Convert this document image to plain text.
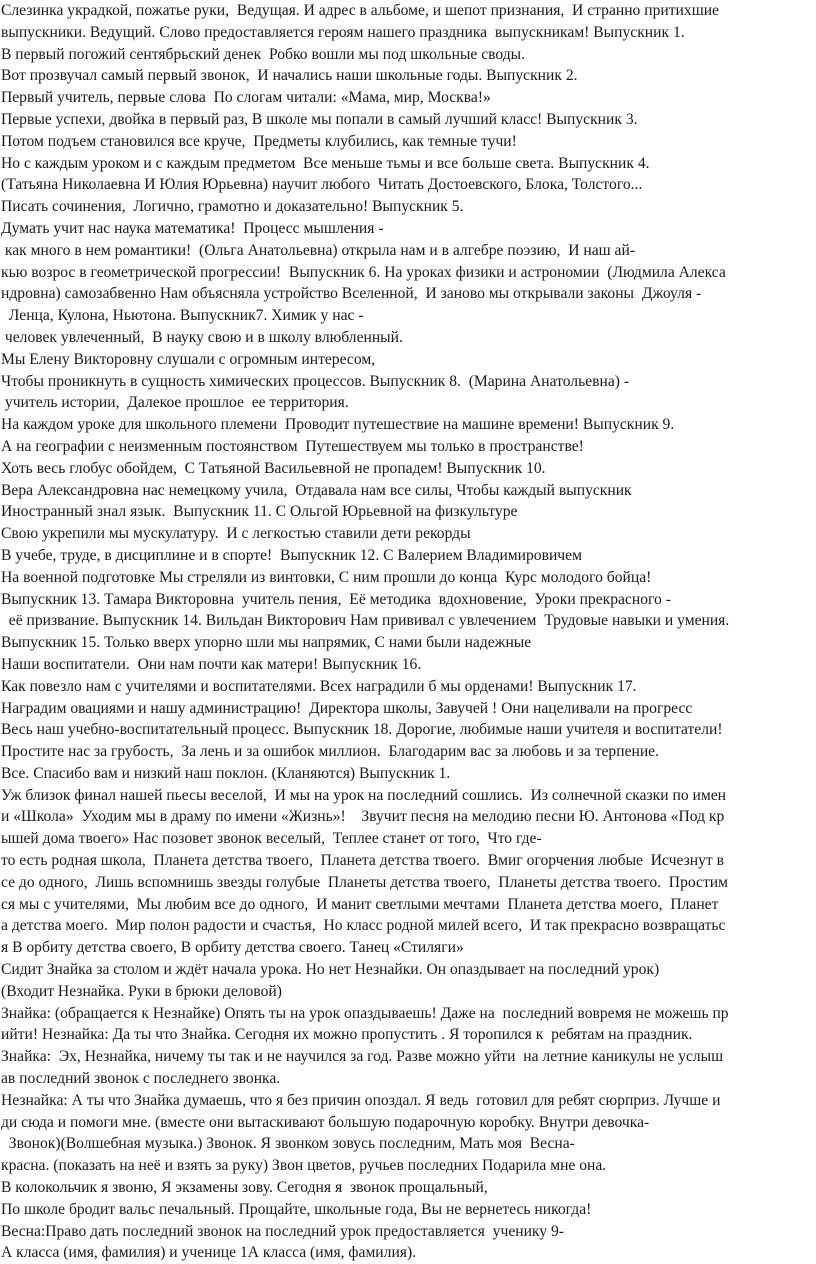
Слезинка украдкой, пожатье руки,  Ведущая. И адрес в альбоме, и шепот признания,  И странно притихшие
выпускники. Ведущий. Слово предоставляется героям нашего праздника  выпускникам! Выпускник 1.
В первый погожий сентябрьский денек  Робко вошли мы под школьные своды.
Вот прозвучал самый первый звонок,  И начались наши школьные годы. Выпускник 2.
Первый учитель, первые слова  По слогам читали: «Мама, мир, Москва!»
Первые успехи, двойка в первый раз, В школе мы попали в самый лучший класс! Выпускник 3.
Потом подъем становился все круче,  Предметы клубились, как темные тучи!
Но с каждым уроком и с каждым предметом  Все меньше тьмы и все больше света. Выпускник 4.
(Татьяна Николаевна И Юлия Юрьевна) научит любого  Читать Достоевского, Блока, Толстого...
Писать сочинения,  Логично, грамотно и доказательно! Выпускник 5.
Думать учит нас наука математика!  Процесс мышления -
как много в нем романтики!  (Ольга Анатольевна) открыла нам и в алгебре поэзию,  И наш ай-
кью возрос в геометрической прогрессии!  Выпускник 6. На уроках физики и астрономии  (Людмила Алекса
ндровна) самозабвенно Нам объясняла устройство Вселенной,  И заново мы открывали законы  Джоуля -
Ленца, Кулона, Ньютона. Выпускник7. Химик у нас -
человек увлеченный,  В науку свою и в школу влюбленный.
Мы Елену Викторовну слушали с огромным интересом,
Чтобы проникнуть в сущность химических процессов. Выпускник 8.  (Марина Анатольевна) -
учитель истории,  Далекое прошлое  ее территория.
На каждом уроке для школьного племени  Проводит путешествие на машине времени! Выпускник 9.
А на географии с неизменным постоянством  Путешествуем мы только в пространстве!
Хоть весь глобус обойдем,  С Татьяной Васильевной не пропадем! Выпускник 10.
Вера Александровна нас немецкому учила,  Отдавала нам все силы, Чтобы каждый выпускник
Иностранный знал язык.  Выпускник 11. С Ольгой Юрьевной на физкультуре
Свою укрепили мы мускулатуру.  И с легкостью ставили дети рекорды
В учебе, труде, в дисциплине и в спорте!  Выпускник 12. С Валерием Владимировичем
На военной подготовке Мы стреляли из винтовки, С ним прошли до конца  Курс молодого бойца!
Выпускник 13. Тамара Викторовна  учитель пения,  Её методика  вдохновение,  Уроки прекрасного -
её призвание. Выпускник 14. Вильдан Викторович Нам прививал с увлечением  Трудовые навыки и умения.
Выпускник 15. Только вверх упорно шли мы напрямик, С нами были надежные
Наши воспитатели.  Они нам почти как матери! Выпускник 16.
Как повезло нам с учителями и воспитателями. Всех наградили б мы орденами! Выпускник 17.
Наградим овациями и нашу администрацию!  Директора школы, Завучей ! Они нацеливали на прогресс
Весь наш учебно-воспитательный процесс. Выпускник 18. Дорогие, любимые наши учителя и воспитатели!
Простите нас за грубость,  За лень и за ошибок миллион.  Благодарим вас за любовь и за терпение.
Все. Спасибо вам и низкий наш поклон. (Кланяются) Выпускник 1.
Уж близок финал нашей пьесы веселой,  И мы на урок на последний сошлись.  Из солнечной сказки по имен
и «Школа»  Уходим мы в драму по имени «Жизнь»!    Звучит песня на мелодию песни Ю. Антонова «Под кр
ышей дома твоего» Нас позовет звонок веселый,  Теплее станет от того,  Что где-
то есть родная школа,  Планета детства твоего,  Планета детства твоего.  Вмиг огорчения любые  Исчезнут в
се до одного,  Лишь вспомнишь звезды голубые  Планеты детства твоего,  Планеты детства твоего.  Простим
ся мы с учителями,  Мы любим все до одного,  И манит светлыми мечтами  Планета детства моего,  Планет
а детства моего.  Мир полон радости и счастья,  Но класс родной милей всего,  И так прекрасно возвращатьс
я В орбиту детства своего, В орбиту детства своего. Танец «Стиляги»
Сидит Знайка за столом и ждёт начала урока. Но нет Незнайки. Он опаздывает на последний урок)
(Входит Незнайка. Руки в брюки деловой)
Знайка: (обращается к Незнайке) Опять ты на урок опаздываешь! Даже на  последний вовремя не можешь пр
ийти! Незнайка: Да ты что Знайка. Сегодня их можно пропустить . Я торопился к  ребятам на праздник.
Знайка:  Эх, Незнайка, ничему ты так и не научился за год. Разве можно уйти  на летние каникулы не услыш
ав последний звонок с последнего звонка.
Незнайка: А ты что Знайка думаешь, что я без причин опоздал. Я ведь  готовил для ребят сюрприз. Лучше и
ди сюда и помоги мне. (вместе они вытаскивают большую подарочную коробку. Внутри девочка-
Звонок)(Волшебная музыка.) Звонок. Я звонком зовусь последним, Мать моя  Весна-
красна. (показать на неё и взять за руку) Звон цветов, ручьев последних Подарила мне она.
В колокольчик я звоню, Я экзамены зову. Сегодня я  звонок прощальный,
По школе бродит вальс печальный. Прощайте, школьные года, Вы не вернетесь никогда!
Весна:Право дать последний звонок на последний урок предоставляется  ученику 9-
А класса (имя, фамилия) и ученице 1А класса (имя, фамилия).
